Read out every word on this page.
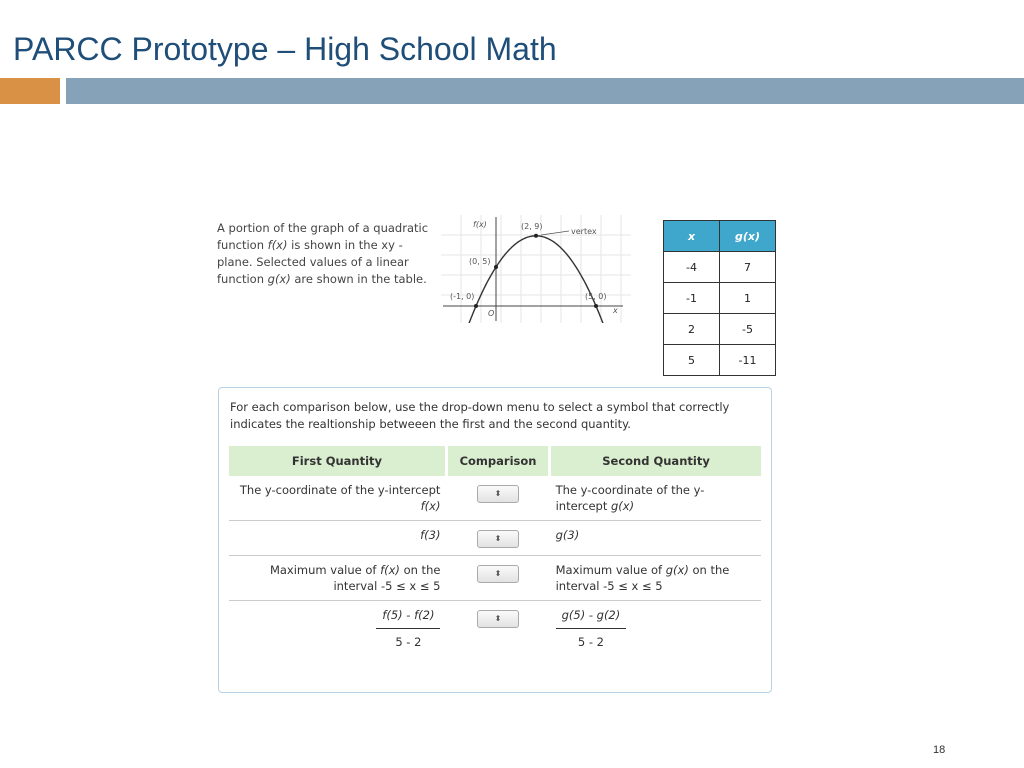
PARCC Prototype – High School Math
A portion of the graph of a quadratic function f(x) is shown in the xy - plane. Selected values of a linear function g(x) are shown in the table.
f(x)
x
O
(2, 9)
vertex
(0, 5)
(-1, 0)	(5, 0)
x	g(x)
-4	7
-1	1
2	-5
5	-11
For each comparison below, use the drop-down menu to select a symbol that correctly indicates the realtionship betweeen the first and the second quantity.
First Quantity	Comparison	Second Quantity
The y-coordinate of the y-intercept f(x)	⬍	The y-coordinate of the y-intercept g(x)
f(3)	⬍	g(3)
Maximum value of f(x) on the interval -5 ≤ x ≤ 5	⬍	Maximum value of g(x) on the interval -5 ≤ x ≤ 5

$\frac{f(5) - f(2)}{5 - 2}$	⬍	$\frac{g(5) - g(2)}{5 - 2}$
18
